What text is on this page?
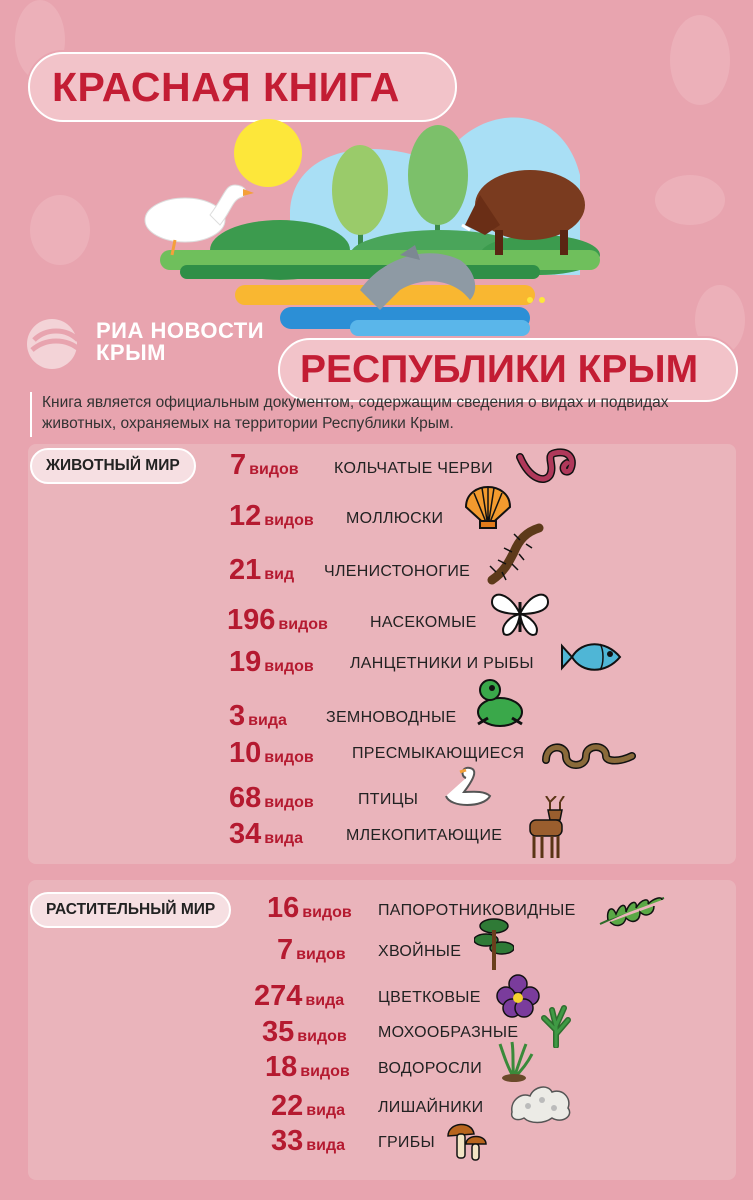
КРАСНАЯ КНИГА
РИА НОВОСТИ
КРЫМ	РЕСПУБЛИКИ КРЫМ
Книга является официальным документом, содержащим сведения о видах и подвидах животных, охраняемых на территории Республики Крым.
ЖИВОТНЫЙ МИР	7 видов КОЛЬЧАТЫЕ ЧЕРВИ
12 видов МОЛЛЮСКИ
21 вид ЧЛЕНИСТОНОГИЕ
196 видов	НАСЕКОМЫЕ
19 видов ЛАНЦЕТНИКИ И РЫБЫ
3 вида ЗЕМНОВОДНЫЕ
10 видов ПРЕСМЫКАЮЩИЕСЯ
68 видов	ПТИЦЫ
34 вида	МЛЕКОПИТАЮЩИЕ
РАСТИТЕЛЬНЫЙ МИР	16 видов ПАПОРОТНИКОВИДНЫЕ
7 видов ХВОЙНЫЕ
274 вида ЦВЕТКОВЫЕ
35 видов МОХООБРАЗНЫЕ
18 видов ВОДОРОСЛИ
22 вида ЛИШАЙНИКИ
33 вида ГРИБЫ
